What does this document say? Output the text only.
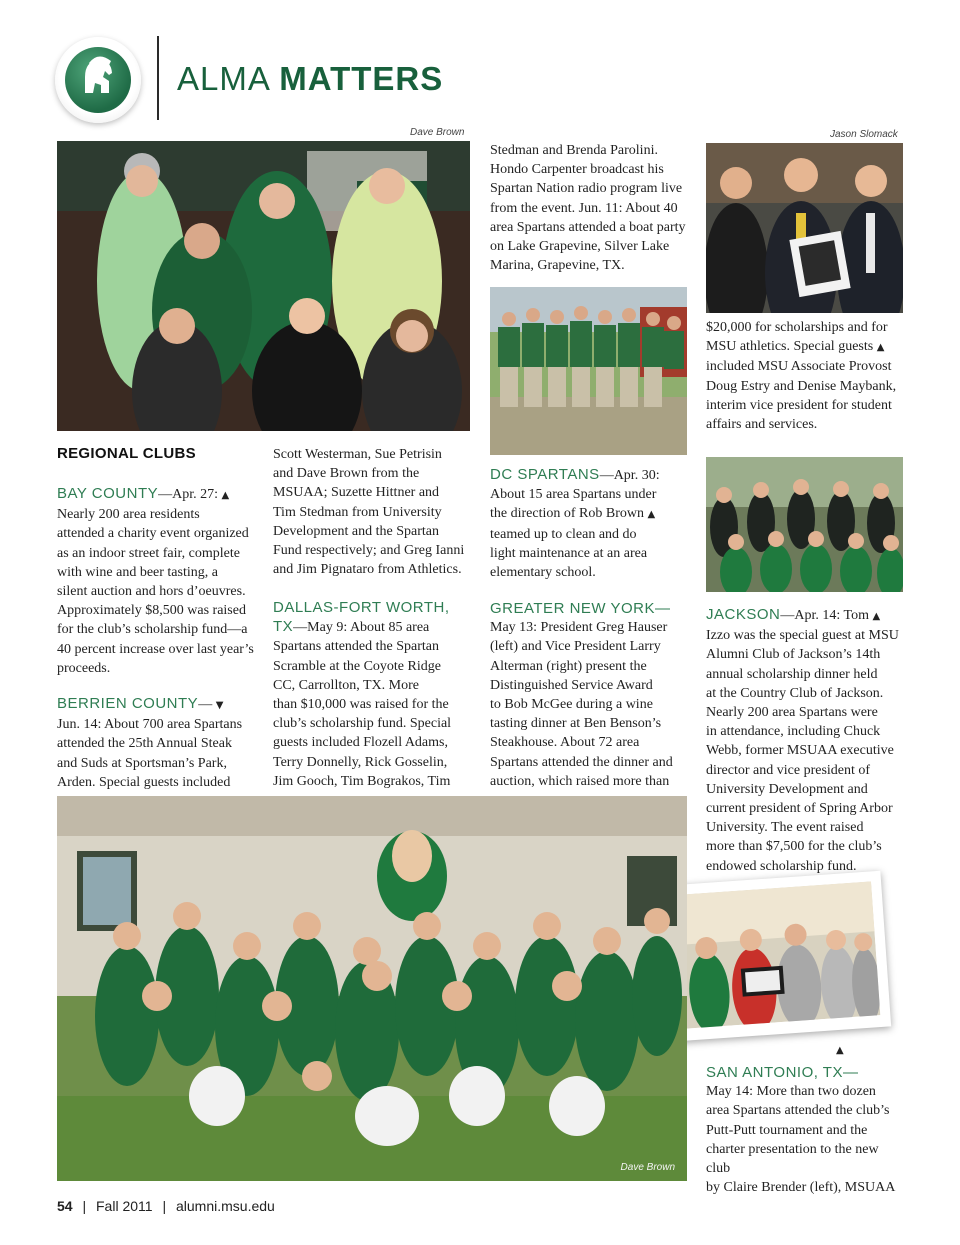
ALMA MATTERS
Dave Brown
REGIONAL CLUBS

BAY COUNTY—Apr. 27: ▲

Nearly 200 area residents

attended a charity event organized

as an indoor street fair, complete

with wine and beer tasting, a

silent auction and hors d’oeuvres.

Approximately $8,500 was raised

for the club’s scholarship fund—a

40 percent increase over last year’s

proceeds.

BERRIEN COUNTY— ▼

Jun. 14: About 700 area Spartans

attended the 25th Annual Steak

and Suds at Sportsman’s Park,

Arden. Special guests included

Scott Westerman, Sue Petrisin

and Dave Brown from the

MSUAA; Suzette Hittner and

Tim Stedman from University

Development and the Spartan

Fund respectively; and Greg Ianni

and Jim Pignataro from Athletics.

DALLAS-FORT WORTH,

TX—May 9: About 85 area

Spartans attended the Spartan

Scramble at the Coyote Ridge

CC, Carrollton, TX. More

than $10,000 was raised for the

club’s scholarship fund. Special

guests included Flozell Adams,

Terry Donnelly, Rick Gosselin,

Jim Gooch, Tim Bograkos, Tim

Stedman and Brenda Parolini.

Hondo Carpenter broadcast his

Spartan Nation radio program live

from the event. Jun. 11: About 40

area Spartans attended a boat party

on Lake Grapevine, Silver Lake

Marina, Grapevine, TX.

DC SPARTANS—Apr. 30:

About 15 area Spartans under

the direction of Rob Brown ▲

teamed up to clean and do

light maintenance at an area

elementary school.

GREATER NEW YORK—

May 13: President Greg Hauser

(left) and Vice President Larry

Alterman (right) present the

Distinguished Service Award

to Bob McGee during a wine

tasting dinner at Ben Benson’s

Steakhouse. About 72 area

Spartans attended the dinner and

auction, which raised more than

Jason Slomack

$20,000 for scholarships and for

MSU athletics. Special guests ▲

included MSU Associate Provost

Doug Estry and Denise Maybank,

interim vice president for student

affairs and services.

JACKSON—Apr. 14: Tom ▲

Izzo was the special guest at MSU

Alumni Club of Jackson’s 14th

annual scholarship dinner held

at the Country Club of Jackson.

Nearly 200 area Spartans were

in attendance, including Chuck

Webb, former MSUAA executive

director and vice president of

University Development and

current president of Spring Arbor

University. The event raised

more than $7,500 for the club’s

endowed scholarship fund.

▲

SAN ANTONIO, TX—

May 14: More than two dozen

area Spartans attended the club’s

Putt-Putt tournament and the

charter presentation to the new club

by Claire Brender (left), MSUAA

Dave Brown
54 | Fall 2011 | alumni.msu.edu
